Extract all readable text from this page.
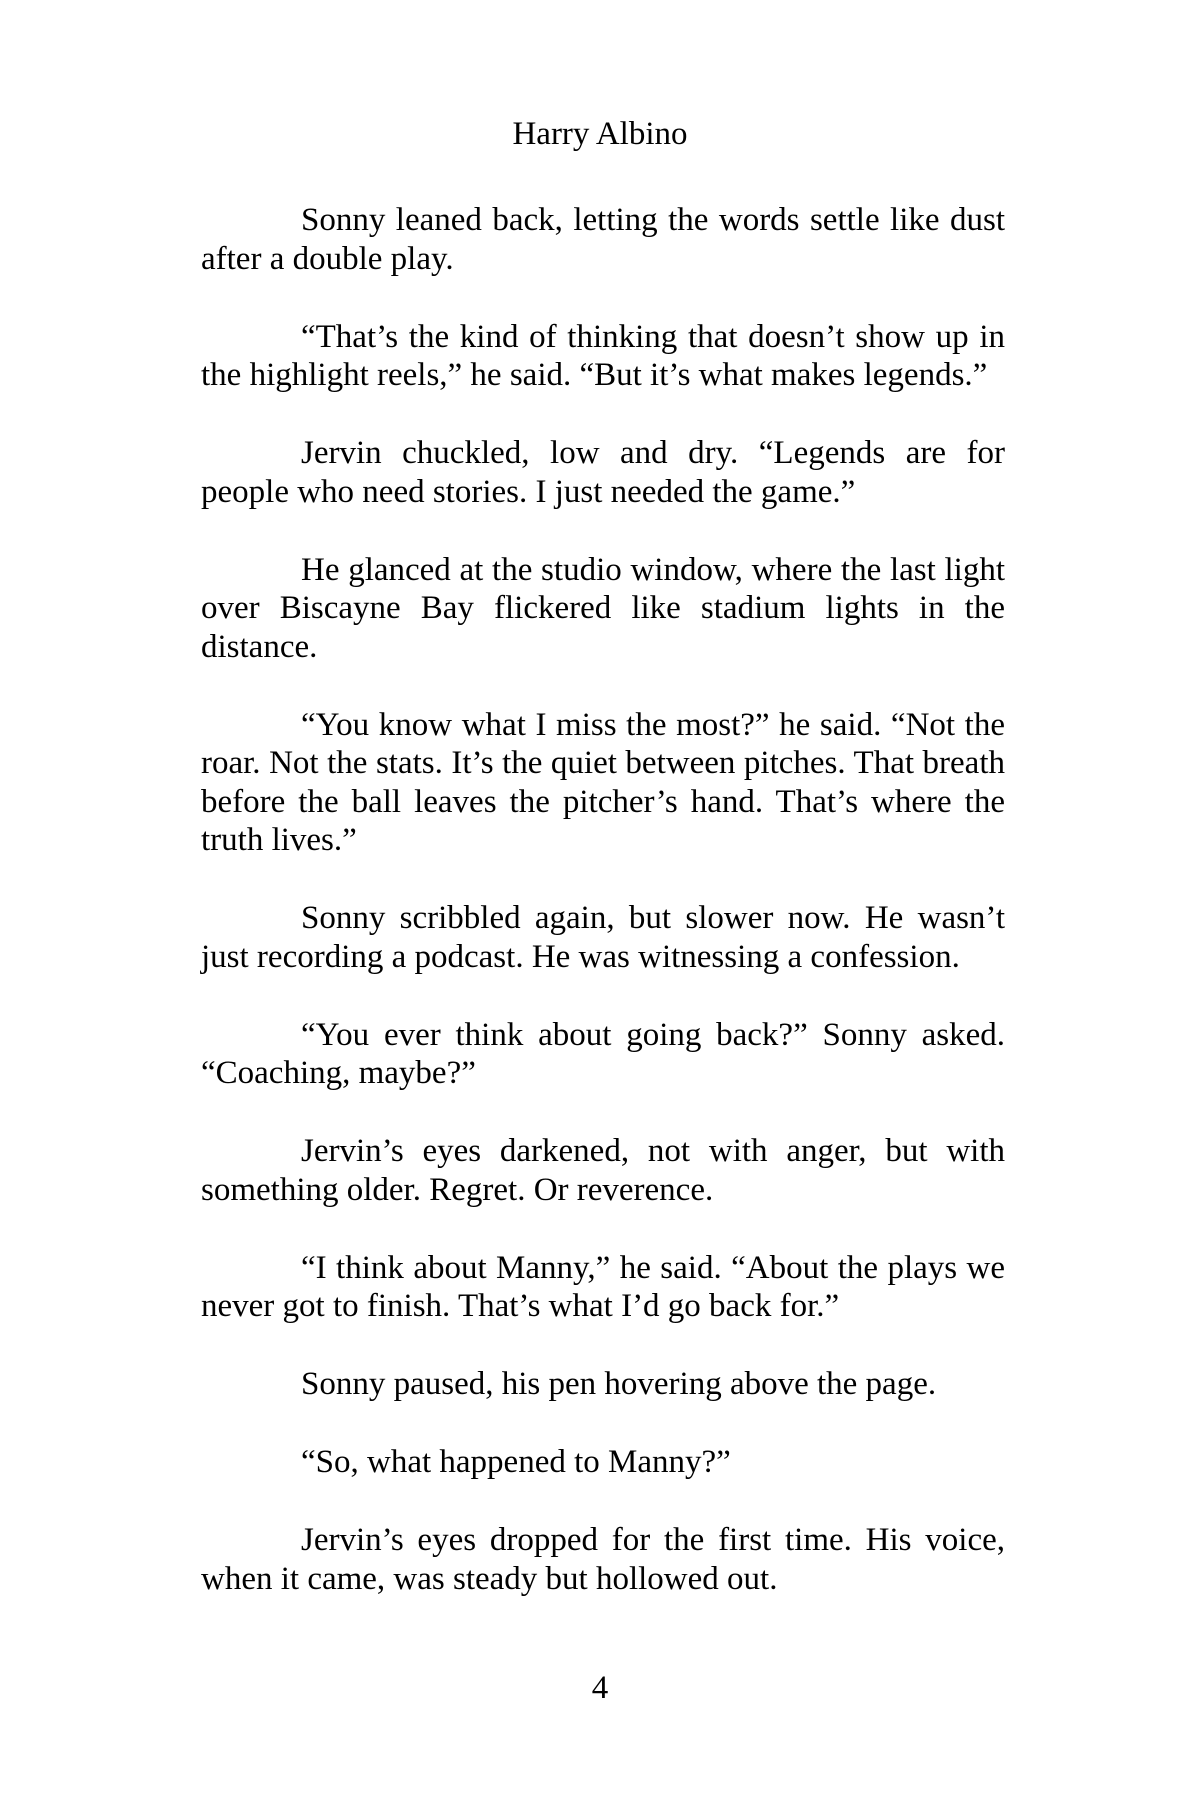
Harry Albino

Sonny leaned back, letting the words settle like dust after a double play.

“That’s the kind of thinking that doesn’t show up in the highlight reels,” he said. “But it’s what makes legends.”

Jervin chuckled, low and dry. “Legends are for people who need stories. I just needed the game.”

He glanced at the studio window, where the last light over Biscayne Bay flickered like stadium lights in the distance.

“You know what I miss the most?” he said. “Not the roar. Not the stats. It’s the quiet between pitches. That breath before the ball leaves the pitcher’s hand. That’s where the truth lives.”

Sonny scribbled again, but slower now. He wasn’t just recording a podcast. He was witnessing a confession.

“You ever think about going back?” Sonny asked. “Coaching, maybe?”

Jervin’s eyes darkened, not with anger, but with something older. Regret. Or reverence.

“I think about Manny,” he said. “About the plays we never got to finish. That’s what I’d go back for.”

Sonny paused, his pen hovering above the page.

“So, what happened to Manny?”

Jervin’s eyes dropped for the first time. His voice, when it came, was steady but hollowed out.

4
